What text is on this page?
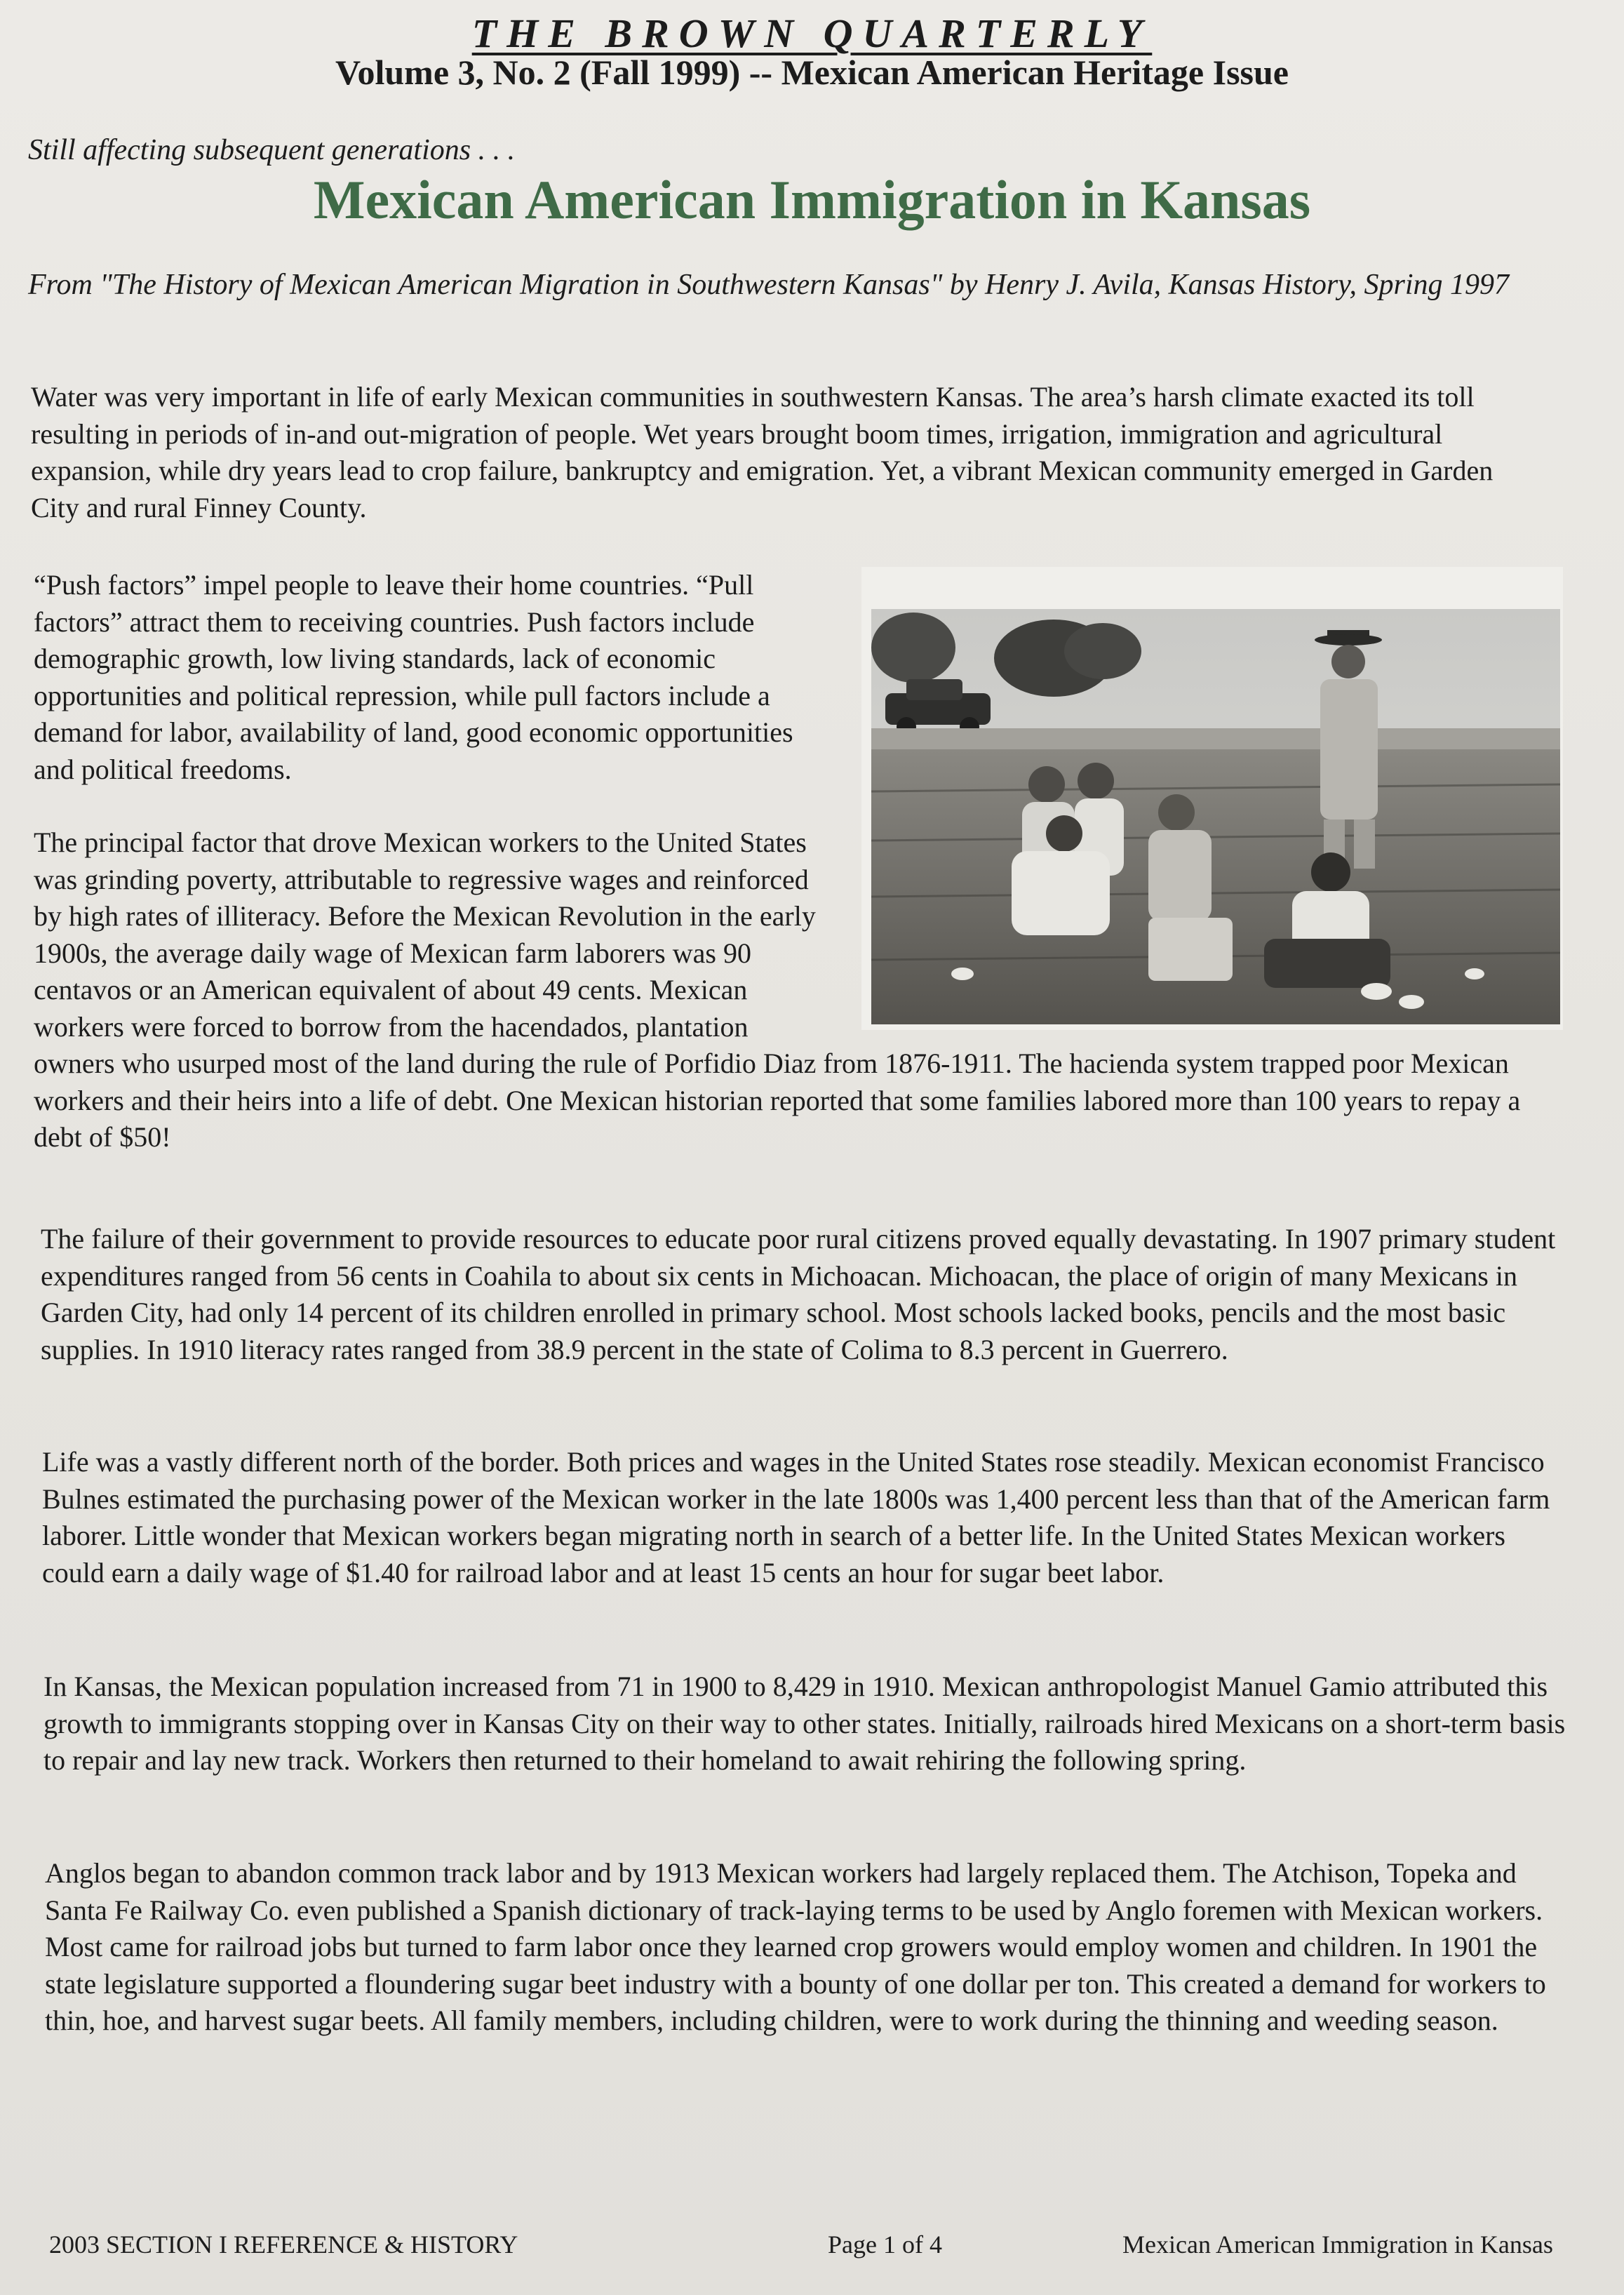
THE BROWN QUARTERLY
Volume 3, No. 2 (Fall 1999) -- Mexican American Heritage Issue
Still affecting subsequent generations . . .
Mexican American Immigration in Kansas
From "The History of Mexican American Migration in Southwestern Kansas" by Henry J. Avila, Kansas History, Spring 1997

Water was very important in life of early Mexican communities in southwestern Kansas. The area’s harsh climate exacted its toll resulting in periods of in-and out-migration of people. Wet years brought boom times, irrigation, immigration and agricultural expansion, while dry years lead to crop failure, bankruptcy and emigration. Yet, a vibrant Mexican community emerged in Garden City and rural Finney County.

“Push factors” impel people to leave their home countries. “Pull factors” attract them to receiving countries. Push factors include demographic growth, low living standards, lack of economic opportunities and political repression, while pull factors include a demand for labor, availability of land, good economic opportunities and political freedoms.

The principal factor that drove Mexican workers to the United States was grinding poverty, attributable to regressive wages and reinforced by high rates of illiteracy. Before the Mexican Revolution in the early 1900s, the average daily wage of Mexican farm laborers was 90 centavos or an American equivalent of about 49 cents. Mexican workers were forced to borrow from the hacendados, plantation owners who usurped most of the land during the rule of Porfidio Diaz from 1876-1911. The hacienda system trapped poor Mexican workers and their heirs into a life of debt. One Mexican historian reported that some families labored more than 100 years to repay a debt of $50!

The failure of their government to provide resources to educate poor rural citizens proved equally devastating. In 1907 primary student expenditures ranged from 56 cents in Coahila to about six cents in Michoacan. Michoacan, the place of origin of many Mexicans in Garden City, had only 14 percent of its children enrolled in primary school. Most schools lacked books, pencils and the most basic supplies. In 1910 literacy rates ranged from 38.9 percent in the state of Colima to 8.3 percent in Guerrero.

Life was a vastly different north of the border. Both prices and wages in the United States rose steadily. Mexican economist Francisco Bulnes estimated the purchasing power of the Mexican worker in the late 1800s was 1,400 percent less than that of the American farm laborer. Little wonder that Mexican workers began migrating north in search of a better life. In the United States Mexican workers could earn a daily wage of $1.40 for railroad labor and at least 15 cents an hour for sugar beet labor.

In Kansas, the Mexican population increased from 71 in 1900 to 8,429 in 1910. Mexican anthropologist Manuel Gamio attributed this growth to immigrants stopping over in Kansas City on their way to other states. Initially, railroads hired Mexicans on a short-term basis to repair and lay new track. Workers then returned to their homeland to await rehiring the following spring.

Anglos began to abandon common track labor and by 1913 Mexican workers had largely replaced them. The Atchison, Topeka and Santa Fe Railway Co. even published a Spanish dictionary of track-laying terms to be used by Anglo foremen with Mexican workers. Most came for railroad jobs but turned to farm labor once they learned crop growers would employ women and children. In 1901 the state legislature supported a floundering sugar beet industry with a bounty of one dollar per ton. This created a demand for workers to thin, hoe, and harvest sugar beets. All family members, including children, were to work during the thinning and weeding season.

2003 SECTION I REFERENCE & HISTORY	Page 1 of 4	Mexican American Immigration in Kansas
